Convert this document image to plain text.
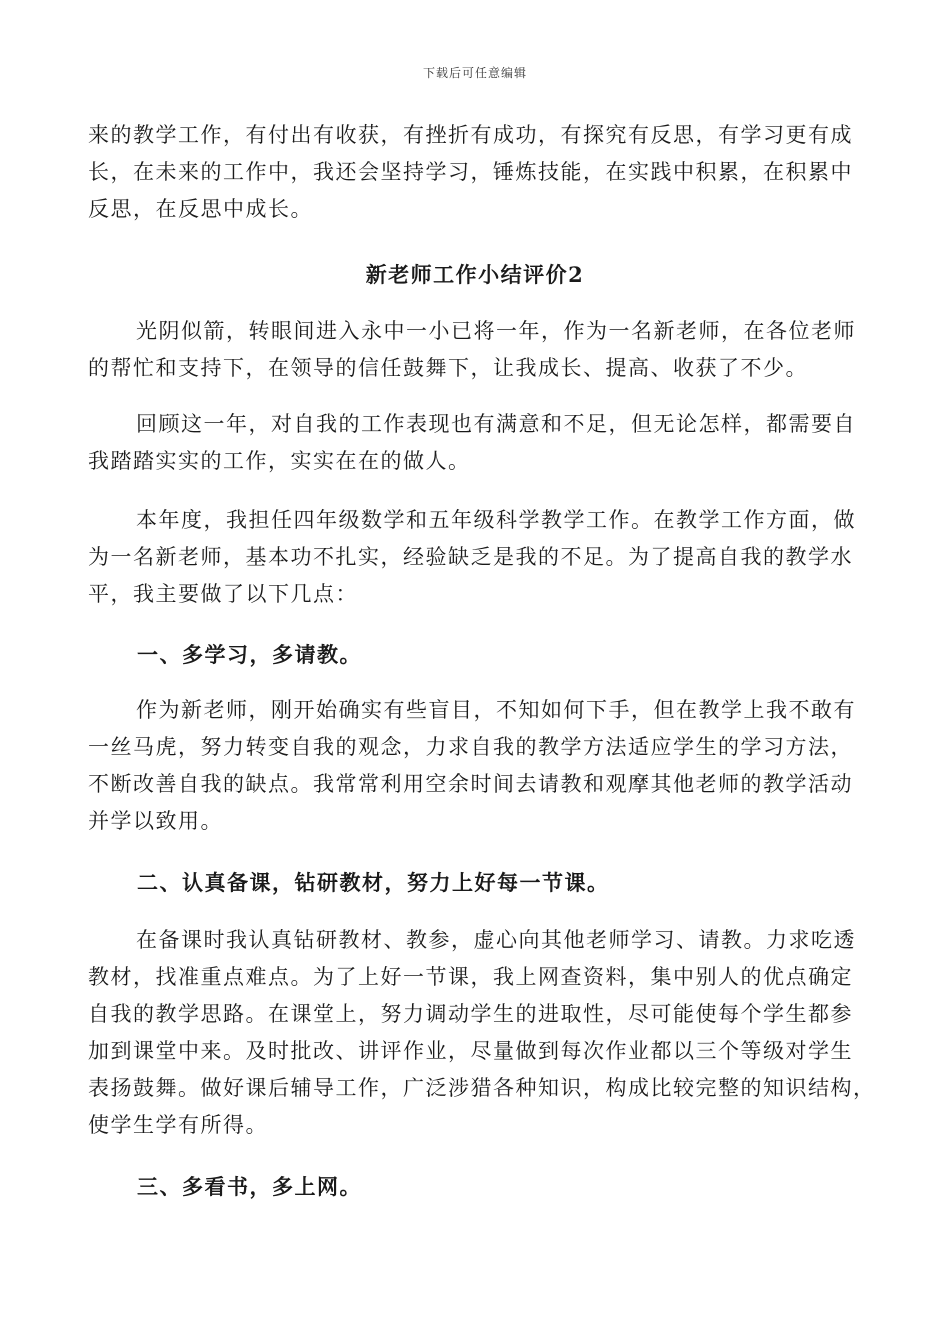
下载后可任意编辑
来的教学工作，有付出有收获，有挫折有成功，有探究有反思，有学习更有成
长，在未来的工作中，我还会坚持学习，锤炼技能，在实践中积累，在积累中
反思，在反思中成长。
新老师工作小结评价2
光阴似箭，转眼间进入永中一小已将一年，作为一名新老师，在各位老师
的帮忙和支持下，在领导的信任鼓舞下，让我成长、提高、收获了不少。
回顾这一年，对自我的工作表现也有满意和不足，但无论怎样，都需要自
我踏踏实实的工作，实实在在的做人。
本年度，我担任四年级数学和五年级科学教学工作。在教学工作方面，做
为一名新老师，基本功不扎实，经验缺乏是我的不足。为了提高自我的教学水
平，我主要做了以下几点：
一、多学习，多请教。
作为新老师，刚开始确实有些盲目，不知如何下手，但在教学上我不敢有
一丝马虎，努力转变自我的观念，力求自我的教学方法适应学生的学习方法，
不断改善自我的缺点。我常常利用空余时间去请教和观摩其他老师的教学活动
并学以致用。
二、认真备课，钻研教材，努力上好每一节课。
在备课时我认真钻研教材、教参，虚心向其他老师学习、请教。力求吃透
教材，找准重点难点。为了上好一节课，我上网查资料，集中别人的优点确定
自我的教学思路。在课堂上，努力调动学生的进取性，尽可能使每个学生都参
加到课堂中来。及时批改、讲评作业，尽量做到每次作业都以三个等级对学生
表扬鼓舞。做好课后辅导工作，广泛涉猎各种知识，构成比较完整的知识结构，
使学生学有所得。
三、多看书，多上网。
